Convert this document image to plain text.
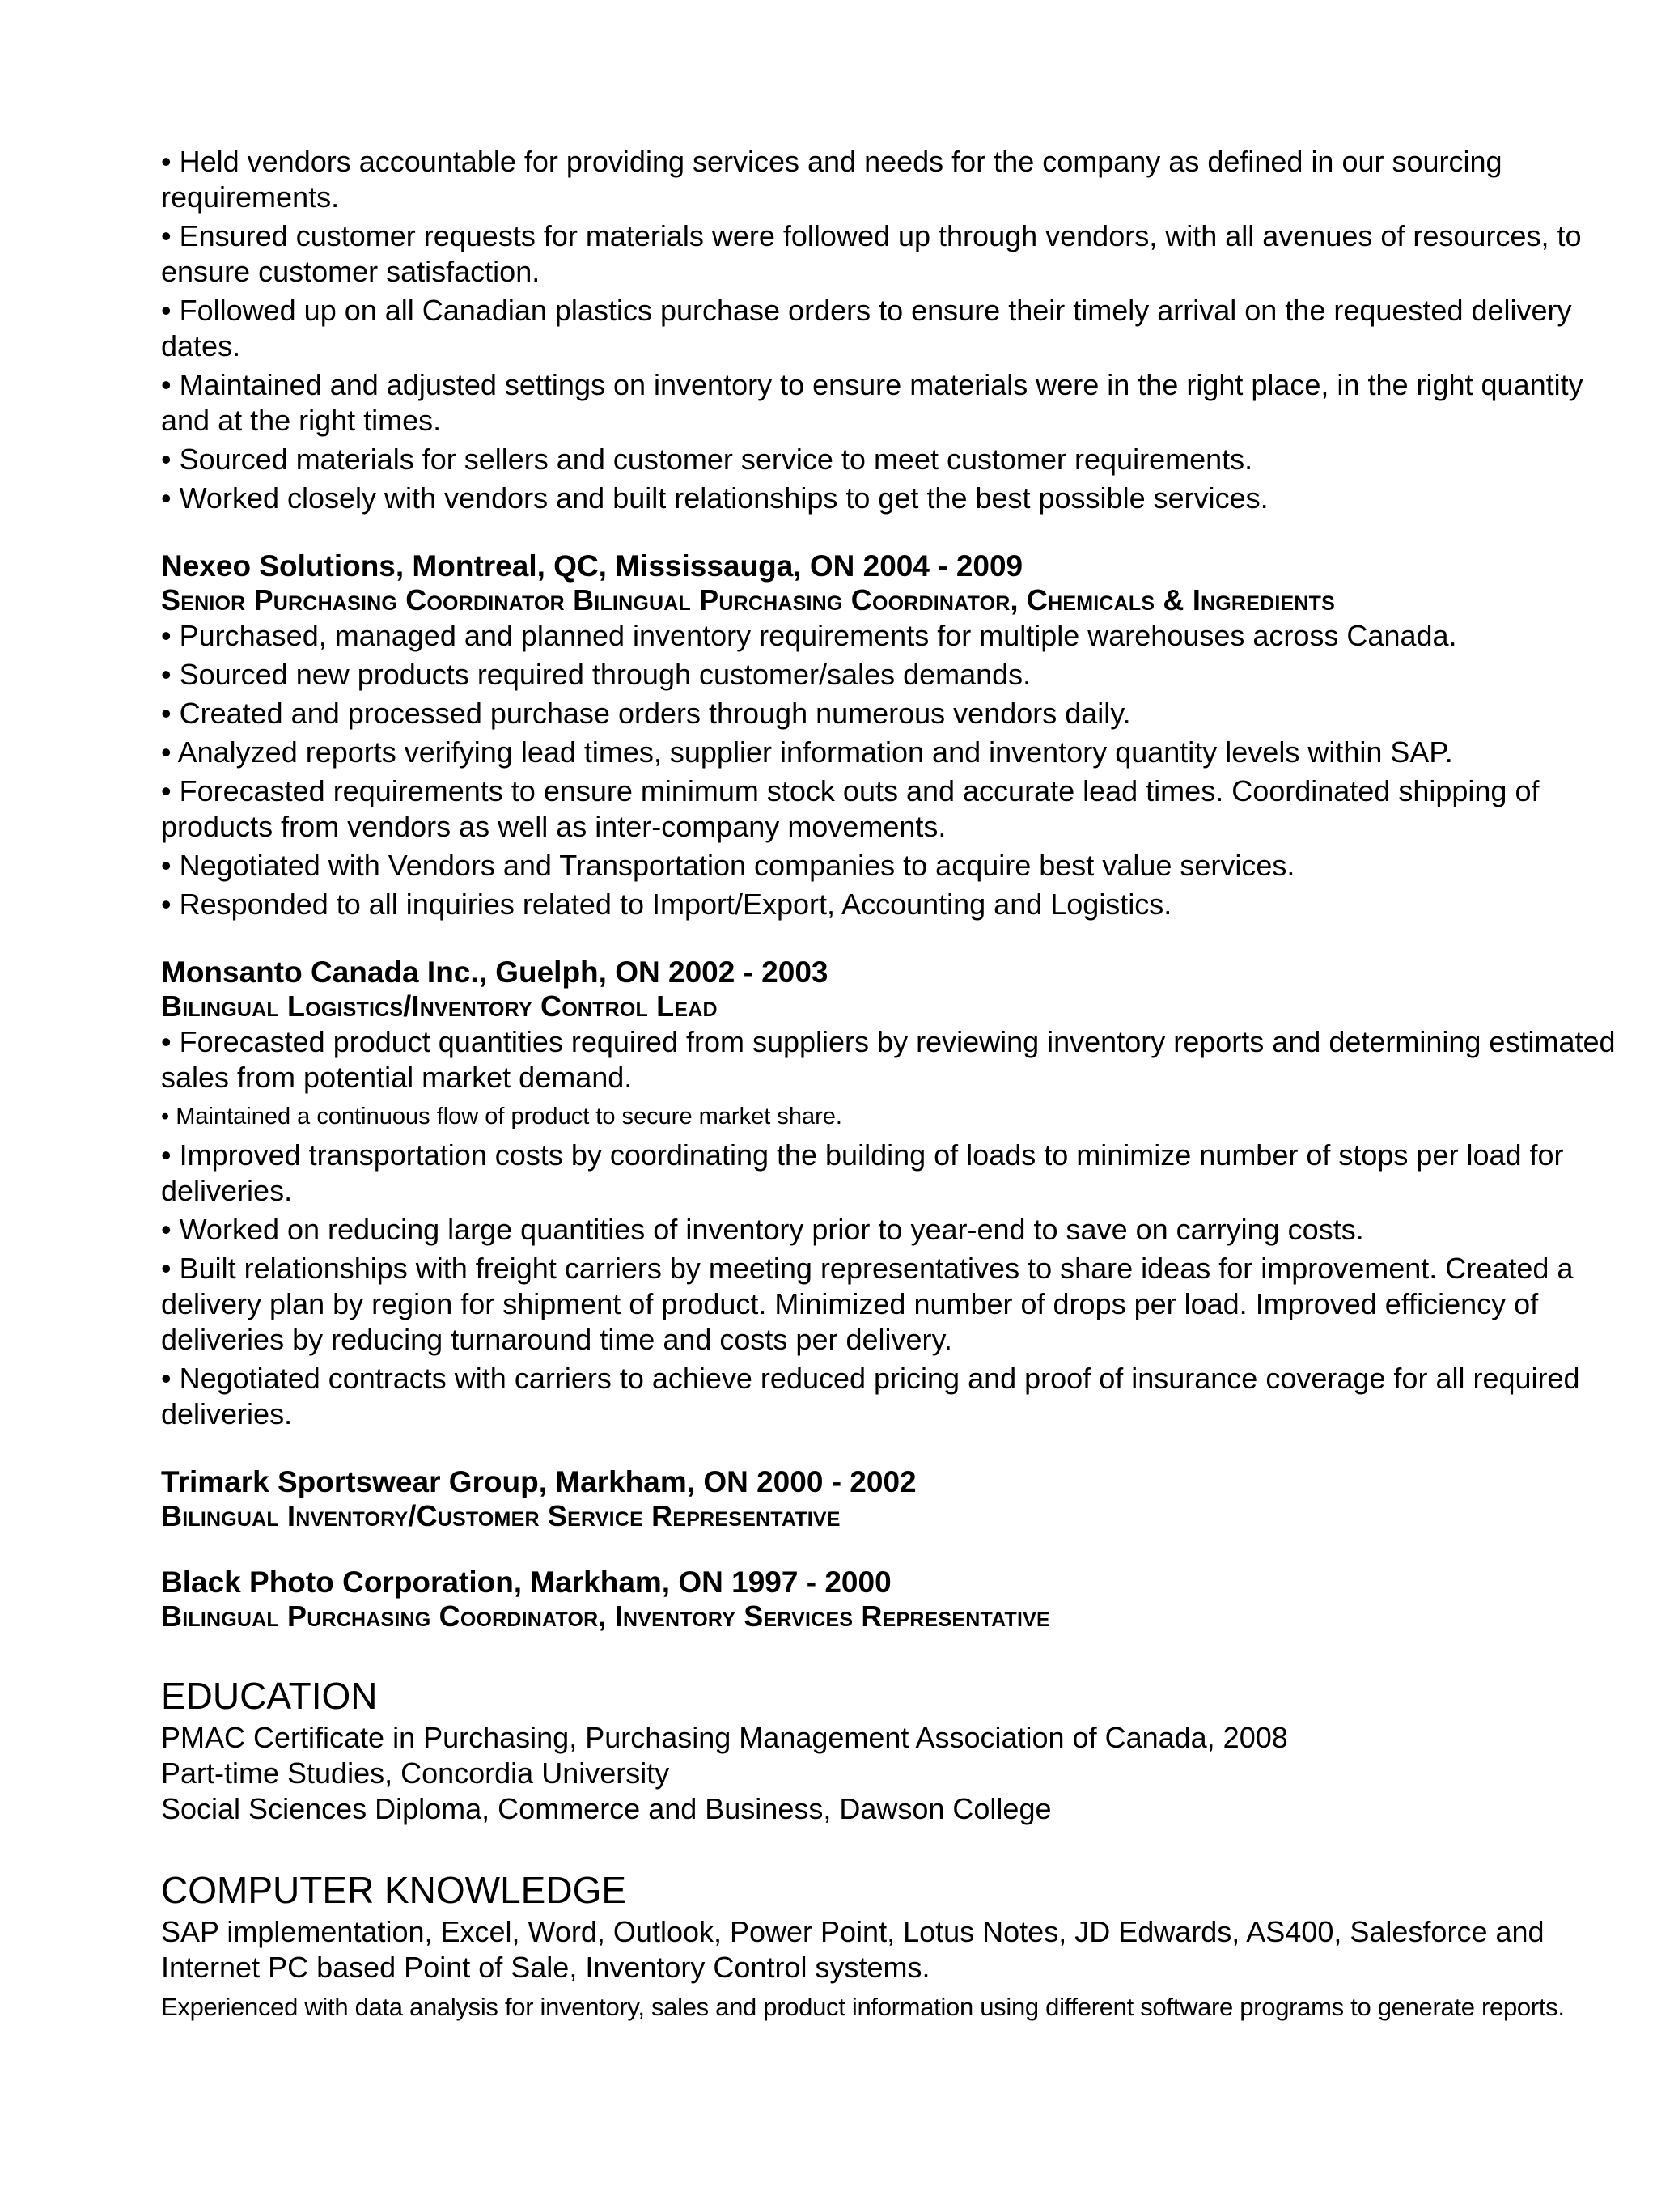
• Held vendors accountable for providing services and needs for the company as defined in our sourcing requirements.
• Ensured customer requests for materials were followed up through vendors, with all avenues of resources, to ensure customer satisfaction.
• Followed up on all Canadian plastics purchase orders to ensure their timely arrival on the requested delivery dates.
• Maintained and adjusted settings on inventory to ensure materials were in the right place, in the right quantity and at the right times.
• Sourced materials for sellers and customer service to meet customer requirements.
• Worked closely with vendors and built relationships to get the best possible services.
Nexeo Solutions, Montreal, QC, Mississauga, ON 2004 - 2009
Senior Purchasing Coordinator Bilingual Purchasing Coordinator, Chemicals & Ingredients
• Purchased, managed and planned inventory requirements for multiple warehouses across Canada.
• Sourced new products required through customer/sales demands.
• Created and processed purchase orders through numerous vendors daily.
• Analyzed reports verifying lead times, supplier information and inventory quantity levels within SAP.
• Forecasted requirements to ensure minimum stock outs and accurate lead times. Coordinated shipping of products from vendors as well as inter-company movements.
• Negotiated with Vendors and Transportation companies to acquire best value services.
• Responded to all inquiries related to Import/Export, Accounting and Logistics.
Monsanto Canada Inc., Guelph, ON 2002 - 2003
Bilingual Logistics/Inventory Control Lead
• Forecasted product quantities required from suppliers by reviewing inventory reports and determining estimated sales from potential market demand.
• Maintained a continuous flow of product to secure market share.
• Improved transportation costs by coordinating the building of loads to minimize number of stops per load for deliveries.
• Worked on reducing large quantities of inventory prior to year-end to save on carrying costs.
• Built relationships with freight carriers by meeting representatives to share ideas for improvement. Created a delivery plan by region for shipment of product. Minimized number of drops per load. Improved efficiency of deliveries by reducing turnaround time and costs per delivery.
• Negotiated contracts with carriers to achieve reduced pricing and proof of insurance coverage for all required deliveries.
Trimark Sportswear Group, Markham, ON 2000 - 2002
Bilingual Inventory/Customer Service Representative
Black Photo Corporation, Markham, ON 1997 - 2000
Bilingual Purchasing Coordinator, Inventory Services Representative
EDUCATION
PMAC Certificate in Purchasing, Purchasing Management Association of Canada, 2008
Part-time Studies, Concordia University
Social Sciences Diploma, Commerce and Business, Dawson College
COMPUTER KNOWLEDGE
SAP implementation, Excel, Word, Outlook, Power Point, Lotus Notes, JD Edwards, AS400, Salesforce and Internet PC based Point of Sale, Inventory Control systems.
Experienced with data analysis for inventory, sales and product information using different software programs to generate reports.
